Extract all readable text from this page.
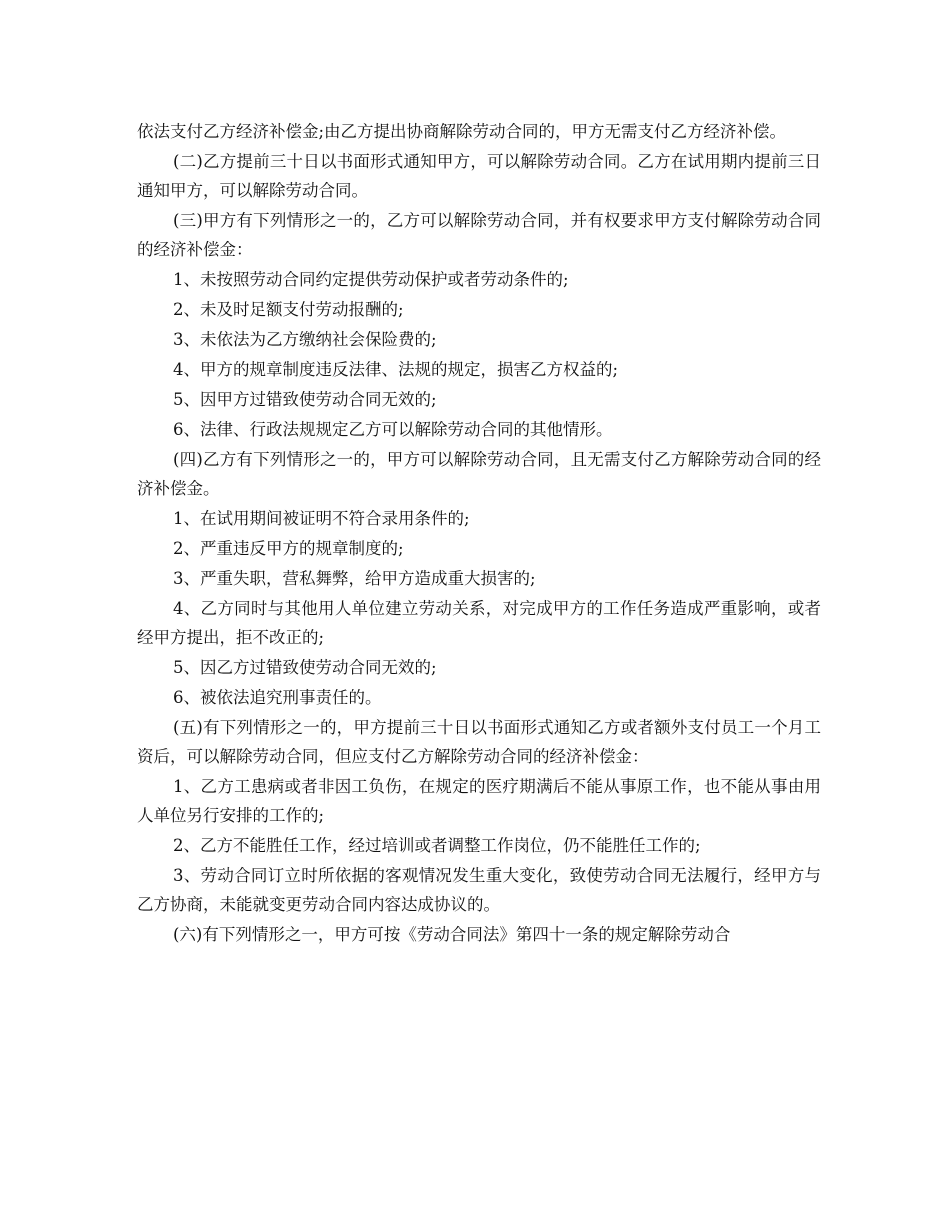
依法支付乙方经济补偿金;由乙方提出协商解除劳动合同的，甲方无需支付乙方经济补偿。

(二)乙方提前三十日以书面形式通知甲方，可以解除劳动合同。乙方在试用期内提前三日通知甲方，可以解除劳动合同。

(三)甲方有下列情形之一的，乙方可以解除劳动合同，并有权要求甲方支付解除劳动合同的经济补偿金：

1、未按照劳动合同约定提供劳动保护或者劳动条件的;

2、未及时足额支付劳动报酬的;

3、未依法为乙方缴纳社会保险费的;

4、甲方的规章制度违反法律、法规的规定，损害乙方权益的;

5、因甲方过错致使劳动合同无效的;

6、法律、行政法规规定乙方可以解除劳动合同的其他情形。

(四)乙方有下列情形之一的，甲方可以解除劳动合同，且无需支付乙方解除劳动合同的经济补偿金。

1、在试用期间被证明不符合录用条件的;

2、严重违反甲方的规章制度的;

3、严重失职，营私舞弊，给甲方造成重大损害的;

4、乙方同时与其他用人单位建立劳动关系，对完成甲方的工作任务造成严重影响，或者经甲方提出，拒不改正的;

5、因乙方过错致使劳动合同无效的;

6、被依法追究刑事责任的。

(五)有下列情形之一的，甲方提前三十日以书面形式通知乙方或者额外支付员工一个月工资后，可以解除劳动合同，但应支付乙方解除劳动合同的经济补偿金：

1、乙方工患病或者非因工负伤，在规定的医疗期满后不能从事原工作，也不能从事由用人单位另行安排的工作的;

2、乙方不能胜任工作，经过培训或者调整工作岗位，仍不能胜任工作的;

3、劳动合同订立时所依据的客观情况发生重大变化，致使劳动合同无法履行，经甲方与乙方协商，未能就变更劳动合同内容达成协议的。

(六)有下列情形之一，甲方可按《劳动合同法》第四十一条的规定解除劳动合
